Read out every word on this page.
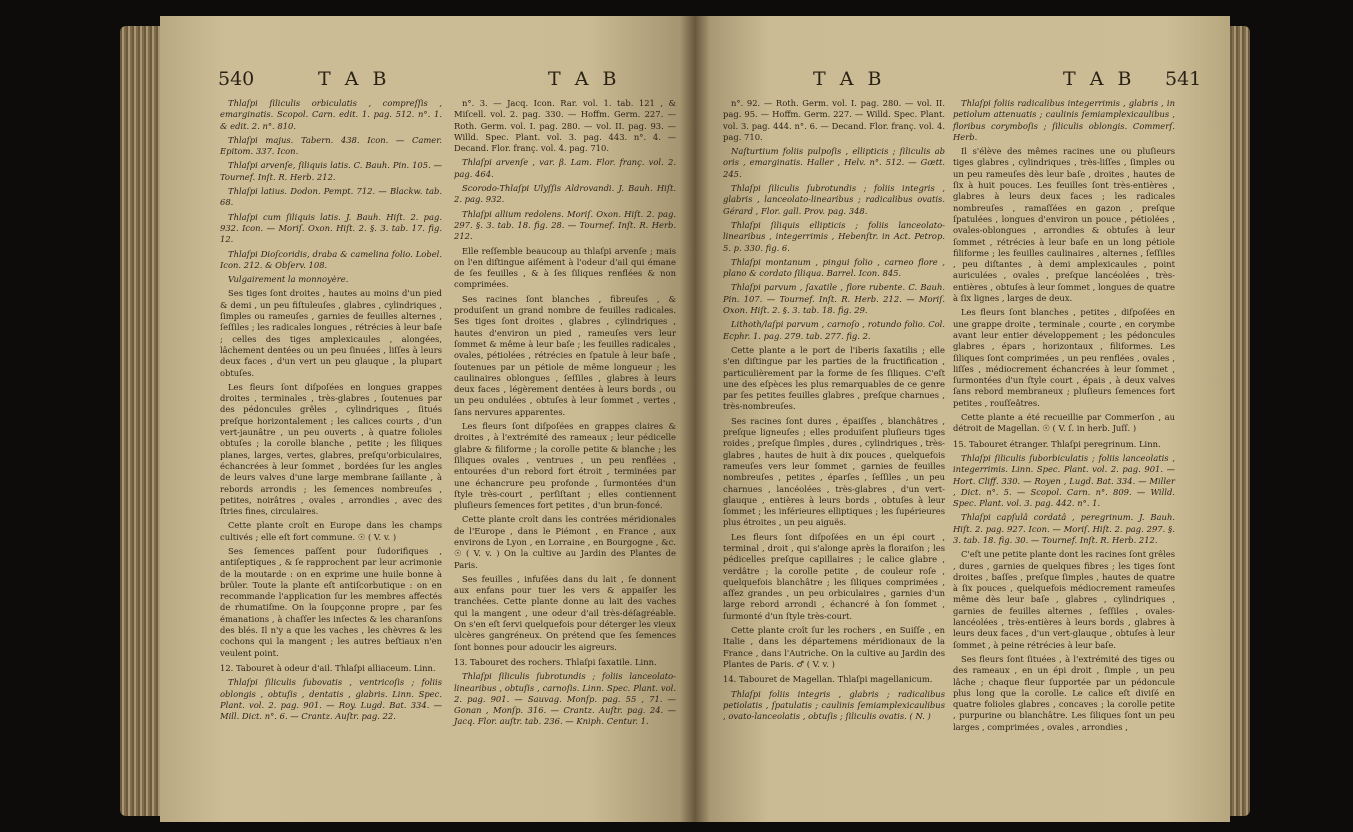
540	T A B	T A B

Thlaſpi ſiliculis orbiculatis , compreſſis , emarginatis. Scopol. Carn. edit. 1. pag. 512. n°. 1. & edit. 2. n°. 810.

Thlaſpi majus. Tabern. 438. Icon. — Camer. Epitom. 337. Icon.

Thlaſpi arvenſe, ſiliquis latis. C. Bauh. Pin. 105. — Tournef. Inſt. R. Herb. 212.

Thlaſpi latius. Dodon. Pempt. 712. — Blackw. tab. 68.

Thlaſpi cum ſiliquis latis. J. Bauh. Hiſt. 2. pag. 932. Icon. — Moriſ. Oxon. Hiſt. 2. §. 3. tab. 17. fig. 12.

Thlaſpi Dioſcoridis, draba & camelina folio. Lobel. Icon. 212. & Obſerv. 108.

Vulgairement la monnoyère.

Ses tiges ſont droites , hautes au moins d'un pied & demi , un peu fiſtuleuſes , glabres , cylindriques , ſimples ou rameuſes , garnies de feuilles alternes , ſeſſiles ; les radicales longues , rétrécies à leur baſe ; celles des tiges amplexicaules , alongées, lâchement dentées ou un peu ſinuées , liſſes à leurs deux faces , d'un vert un peu glauque , la plupart obtuſes.

Les fleurs ſont diſpoſées en longues grappes droites , terminales , très-glabres , ſoutenues par des pédoncules grêles , cylindriques , ſitués preſque horizontalement ; les calices courts , d'un vert-jaunâtre , un peu ouverts , à quatre folioles obtuſes ; la corolle blanche , petite ; les ſiliques planes, larges, vertes, glabres, preſqu'orbiculaires, échancrées à leur ſommet , bordées ſur les angles de leurs valves d'une large membrane ſaillante , à rebords arrondis ; les ſemences nombreuſes , petites, noirâtres , ovales , arrondies , avec des ſtries fines, circulaires.

Cette plante croît en Europe dans les champs cultivés ; elle eſt fort commune. ☉ ( V. v. )

Ses ſemences paſſent pour ſudorifiques , antiſeptiques , & ſe rapprochent par leur acrimonie de la moutarde : on en exprime une huile bonne à brûler. Toute la plante eſt antiſcorbutique : on en recommande l'application ſur les membres affectés de rhumatiſme. On la ſoupçonne propre , par ſes émanations , à chaſſer les inſectes & les charanſons des blés. Il n'y a que les vaches , les chèvres & les cochons qui la mangent ; les autres beſtiaux n'en veulent point.

12. Tabouret à odeur d'ail. Thlaſpi alliaceum. Linn.

Thlaſpi ſiliculis ſubovatis , ventricoſis ; foliis oblongis , obtuſis , dentatis , glabris. Linn. Spec. Plant. vol. 2. pag. 901. — Roy. Lugd. Bat. 334. — Mill. Dict. n°. 6. — Crantz. Auſtr. pag. 22.

n°. 3. — Jacq. Icon. Rar. vol. 1. tab. 121 , & Miſcell. vol. 2. pag. 330. — Hoffm. Germ. 227. — Roth. Germ. vol. I. pag. 280. — vol. II. pag. 93. — Willd. Spec. Plant. vol. 3. pag. 443. n°. 4. — Decand. Flor. franç. vol. 4. pag. 710.

Thlaſpi arvenſe , var. β. Lam. Flor. franç. vol. 2. pag. 464.

Scorodo-Thlaſpi Ulyſſis Aldrovandi. J. Bauh. Hiſt. 2. pag. 932.

Thlaſpi allium redolens. Moriſ. Oxon. Hiſt. 2. pag. 297. §. 3. tab. 18. fig. 28. — Tournef. Inſt. R. Herb. 212.

Elle reſſemble beaucoup au thlaſpi arvenſe ; mais on l'en diſtingue aiſément à l'odeur d'ail qui émane de ſes feuilles , & à ſes ſiliques renflées & non comprimées.

Ses racines ſont blanches , fibreuſes , & produiſent un grand nombre de feuilles radicales. Ses tiges ſont droites , glabres , cylindriques , hautes d'environ un pied , rameuſes vers leur ſommet & même à leur baſe ; les feuilles radicales , ovales, pétiolées , rétrécies en ſpatule à leur baſe , ſoutenues par un pétiole de même longueur ; les caulinaires oblongues , ſeſſiles , glabres à leurs deux faces , légèrement dentées à leurs bords , ou un peu ondulées , obtuſes à leur ſommet , vertes , ſans nervures apparentes.

Les fleurs ſont diſpoſées en grappes claires & droites , à l'extrémité des rameaux ; leur pédicelle glabre & filiforme ; la corolle petite & blanche ; les ſiliques ovales , ventrues , un peu renflées , entourées d'un rebord fort étroit , terminées par une échancrure peu profonde , ſurmontées d'un ſtyle très-court , perſiſtant ; elles contiennent pluſieurs ſemences fort petites , d'un brun-foncé.

Cette plante croît dans les contrées méridionales de l'Europe , dans le Piémont , en France , aux environs de Lyon , en Lorraine , en Bourgogne , &c. ☉ ( V. v. ) On la cultive au Jardin des Plantes de Paris.

Ses feuilles , infuſées dans du lait , ſe donnent aux enfans pour tuer les vers & appaiſer les tranchées. Cette plante donne au lait des vaches qui la mangent , une odeur d'ail très-déſagréable. On s'en eſt ſervi quelquefois pour déterger les vieux ulcères gangréneux. On prétend que ſes ſemences ſont bonnes pour adoucir les aigreurs.

13. Tabouret des rochers. Thlaſpi ſaxatile. Linn.

Thlaſpi ſiliculis ſubrotundis ; foliis lanceolato-linearibus , obtuſis , carnoſis. Linn. Spec. Plant. vol. 2. pag. 901. — Sauvag. Monſp. pag. 55 , 71. — Gonan , Monſp. 316. — Crantz. Auſtr. pag. 24. — Jacq. Flor. auſtr. tab. 236. — Kniph. Centur. 1.

T A B	T A B 541

n°. 92. — Roth. Germ. vol. I. pag. 280. — vol. II. pag. 95. — Hoffm. Germ. 227. — Willd. Spec. Plant. vol. 3. pag. 444. n°. 6. — Decand. Flor. franç. vol. 4. pag. 710.

Naſturtium foliis pulpoſis , ellipticis ; ſiliculis ab oris , emarginatis. Haller , Helv. n°. 512. — Gœtt. 245.

Thlaſpi ſiliculis ſubrotundis ; foliis integris , glabris , lanceolato-linearibus ; radicalibus ovatis. Gérard , Flor. gall. Prov. pag. 348.

Thlaſpi ſiliquis ellipticis ; foliis lanceolato-linearibus , integerrimis , Hebenſtr. in Act. Petrop. 5. p. 330. fig. 6.

Thlaſpi montanum , pingui folio , carneo flore , plano & cordato ſiliqua. Barrel. Icon. 845.

Thlaſpi parvum , ſaxatile , flore rubente. C. Bauh. Pin. 107. — Tournef. Inſt. R. Herb. 212. — Moriſ. Oxon. Hiſt. 2. §. 3. tab. 18. fig. 29.

Lithoth/laſpi parvum , carnoſo , rotundo folio. Col. Ecphr. 1. pag. 279. tab. 277. fig. 2.

Cette plante a le port de l'iberis ſaxatilis ; elle s'en diſtingue par les parties de la fructification , particulièrement par la forme de ſes ſiliques. C'eſt une des eſpèces les plus remarquables de ce genre par ſes petites feuilles glabres , preſque charnues , très-nombreuſes.

Ses racines ſont dures , épaiſſes , blanchâtres , preſque ligneuſes ; elles produiſent pluſieurs tiges roides , preſque ſimples , dures , cylindriques , très-glabres , hautes de huit à dix pouces , quelquefois rameuſes vers leur ſommet , garnies de feuilles nombreuſes , petites , éparſes , ſeſſiles , un peu charnues , lancéolées , très-glabres , d'un vert-glauque , entières à leurs bords , obtuſes à leur ſommet ; les inférieures elliptiques ; les ſupérieures plus étroites , un peu aiguës.

Les fleurs ſont diſpoſées en un épi court , terminal , droit , qui s'alonge après la floraiſon ; les pédicelles preſque capillaires ; le calice glabre , verdâtre ; la corolle petite , de couleur roſe , quelquefois blanchâtre ; les ſiliques comprimées , aſſez grandes , un peu orbiculaires , garnies d'un large rebord arrondi , échancré à ſon ſommet , ſurmonté d'un ſtyle très-court.

Cette plante croît ſur les rochers , en Suiſſe , en Italie , dans les départemens méridionaux de la France , dans l'Autriche. On la cultive au Jardin des Plantes de Paris. ♂ ( V. v. )

14. Tabouret de Magellan. Thlaſpi magellanicum.

Thlaſpi foliis integris , glabris ; radicalibus petiolatis , ſpatulatis ; caulinis ſemiamplexicaulibus , ovato-lanceolatis , obtuſis ; ſiliculis ovatis. ( N. )

Thlaſpi foliis radicalibus integerrimis , glabris , in petiolum attenuatis ; caulinis ſemiamplexicaulibus , floribus corymboſis ; ſiliculis oblongis. Commerſ. Herb.

Il s'élève des mêmes racines une ou pluſieurs tiges glabres , cylindriques , très-liſſes , ſimples ou un peu rameuſes dès leur baſe , droites , hautes de ſix à huit pouces. Les feuilles ſont très-entières , glabres à leurs deux faces ; les radicales nombreuſes , ramaſſées en gazon , preſque ſpatulées , longues d'environ un pouce , pétiolées , ovales-oblongues , arrondies & obtuſes à leur ſommet , rétrécies à leur baſe en un long pétiole filiforme ; les feuilles caulinaires , alternes , ſeſſiles , peu diſtantes , à demi amplexicaules , point auriculées , ovales , preſque lancéolées , très-entières , obtuſes à leur ſommet , longues de quatre à ſix lignes , larges de deux.

Les fleurs ſont blanches , petites , diſpoſées en une grappe droite , terminale , courte , en corymbe avant leur entier développement ; les pédoncules glabres , épars , horizontaux , filiformes. Les ſiliques ſont comprimées , un peu renflées , ovales , liſſes , médiocrement échancrées à leur ſommet , ſurmontées d'un ſtyle court , épais , à deux valves ſans rebord membraneux ; pluſieurs ſemences fort petites , rouſſeâtres.

Cette plante a été recueillie par Commerſon , au détroit de Magellan. ☉ ( V. ſ. in herb. Juſſ. )

15. Tabouret étranger. Thlaſpi peregrinum. Linn.

Thlaſpi ſiliculis ſuborbiculatis ; foliis lanceolatis , integerrimis. Linn. Spec. Plant. vol. 2. pag. 901. — Hort. Cliff. 330. — Royen , Lugd. Bat. 334. — Miller , Dict. n°. 5. — Scopol. Carn. n°. 809. — Willd. Spec. Plant. vol. 3. pag. 442. n°. 1.

Thlaſpi capſulâ cordatâ , peregrinum. J. Bauh. Hiſt. 2. pag. 927. Icon. — Moriſ. Hiſt. 2. pag. 297. §. 3. tab. 18. fig. 30. — Tournef. Inſt. R. Herb. 212.

C'eſt une petite plante dont les racines ſont grêles , dures , garnies de quelques fibres ; les tiges ſont droites , baſſes , preſque ſimples , hautes de quatre à ſix pouces , quelquefois médiocrement rameuſes même dès leur baſe , glabres , cylindriques , garnies de feuilles alternes , ſeſſiles , ovales-lancéolées , très-entières à leurs bords , glabres à leurs deux faces , d'un vert-glauque , obtuſes à leur ſommet , à peine rétrécies à leur baſe.

Ses fleurs ſont ſituées , à l'extrémité des tiges ou des rameaux , en un épi droit , ſimple , un peu lâche ; chaque fleur ſupportée par un pédoncule plus long que la corolle. Le calice eſt diviſé en quatre folioles glabres , concaves ; la corolle petite , purpurine ou blanchâtre. Les ſiliques ſont un peu larges , comprimées , ovales , arrondies ,
